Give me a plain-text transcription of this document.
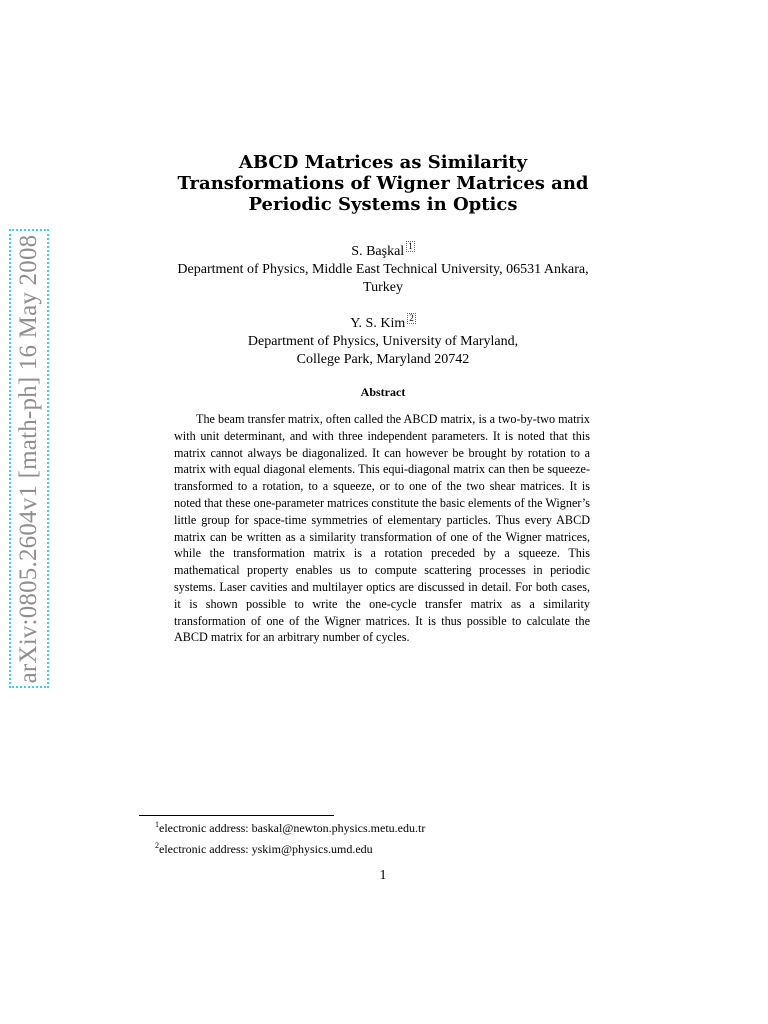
arXiv:0805.2604v1 [math-ph] 16 May 2008
ABCD Matrices as Similarity
Transformations of Wigner Matrices and
Periodic Systems in Optics
S. Başkal 1
Department of Physics, Middle East Technical University, 06531 Ankara,
Turkey
Y. S. Kim 2
Department of Physics, University of Maryland,
College Park, Maryland 20742
Abstract

The beam transfer matrix, often called the ABCD matrix, is a two-by-two matrix with unit determinant, and with three independent parameters. It is noted that this matrix cannot always be diagonalized. It can however be brought by rotation to a matrix with equal diagonal elements. This equi-diagonal matrix can then be squeeze-transformed to a rotation, to a squeeze, or to one of the two shear matrices. It is noted that these one-parameter matrices constitute the basic elements of the Wigner’s little group for space-time symmetries of elementary particles. Thus every ABCD matrix can be written as a similarity transformation of one of the Wigner matrices, while the transformation matrix is a rotation preceded by a squeeze. This mathematical property enables us to compute scattering processes in periodic systems. Laser cavities and multilayer optics are discussed in detail. For both cases, it is shown possible to write the one-cycle transfer matrix as a similarity transformation of one of the Wigner matrices. It is thus possible to calculate the ABCD matrix for an arbitrary number of cycles.

$^1$electronic address: baskal@newton.physics.metu.edu.tr

$^2$electronic address: yskim@physics.umd.edu

1
